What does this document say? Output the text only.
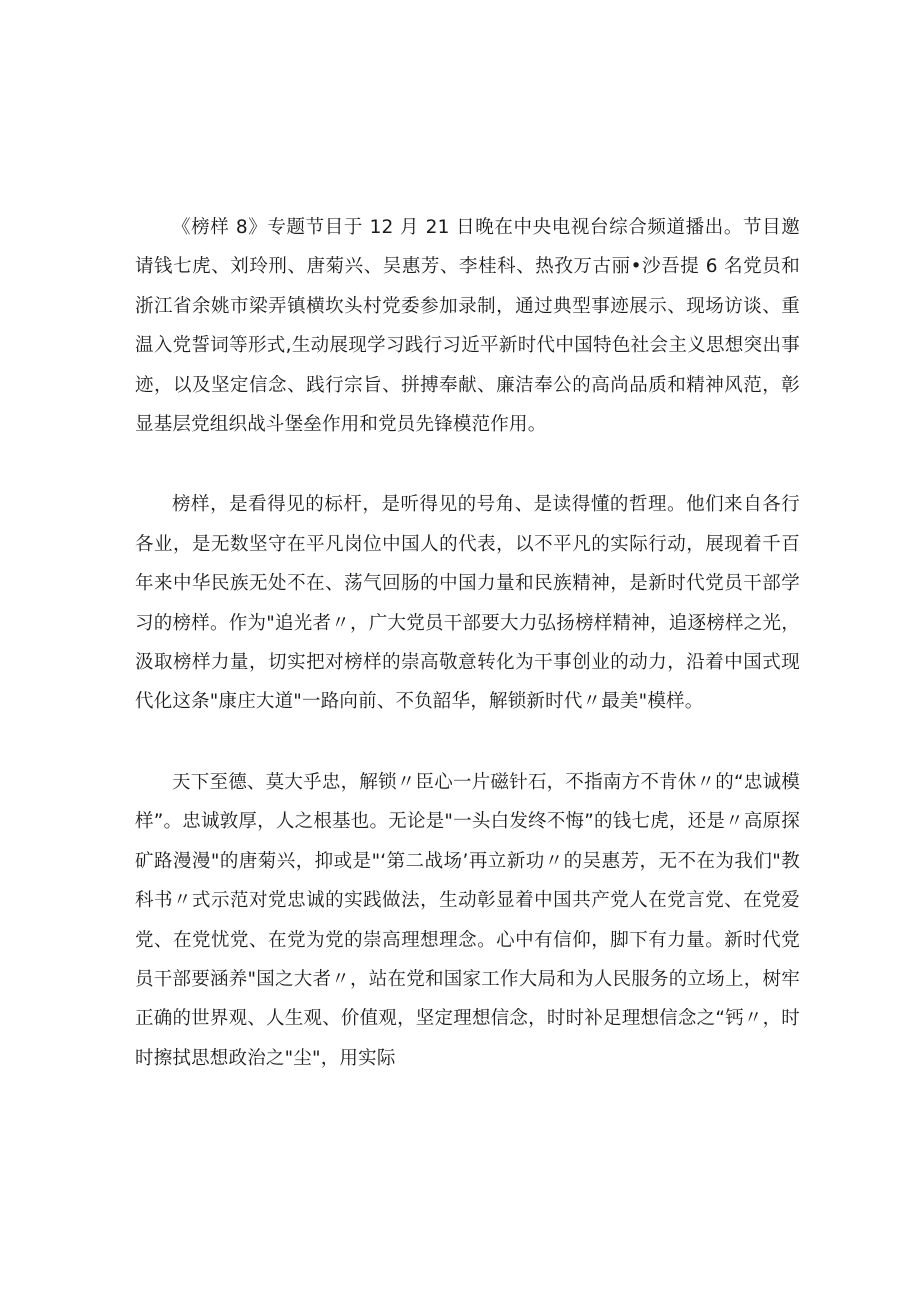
《榜样 8》专题节目于 12 月 21 日晚在中央电视台综合频道播出。节目邀请钱七虎、刘玲刑、唐菊兴、吴惠芳、李桂科、热孜万古丽•沙吾提 6 名党员和浙江省余姚市梁弄镇横坎头村党委参加录制，通过典型事迹展示、现场访谈、重温入党誓词等形式,生动展现学习践行习近平新时代中国特色社会主义思想突出事迹，以及坚定信念、践行宗旨、拼搏奉献、廉洁奉公的高尚品质和精神风范，彰显基层党组织战斗堡垒作用和党员先锋模范作用。

榜样，是看得见的标杆，是听得见的号角、是读得懂的哲理。他们来自各行各业，是无数坚守在平凡岗位中国人的代表，以不平凡的实际行动，展现着千百年来中华民族无处不在、荡气回肠的中国力量和民族精神，是新时代党员干部学习的榜样。作为"追光者〃，广大党员干部要大力弘扬榜样精神，追逐榜样之光，汲取榜样力量，切实把对榜样的崇高敬意转化为干事创业的动力，沿着中国式现代化这条"康庄大道"一路向前、不负韶华，解锁新时代〃最美"模样。

天下至德、莫大乎忠，解锁〃臣心一片磁针石，不指南方不肯休〃的“忠诚模样”。忠诚敦厚，人之根基也。无论是"一头白发终不悔”的钱七虎，还是〃高原探矿路漫漫"的唐菊兴，抑或是"‘第二战场’再立新功〃的吴惠芳，无不在为我们"教科书〃式示范对党忠诚的实践做法，生动彰显着中国共产党人在党言党、在党爱党、在党忧党、在党为党的崇高理想理念。心中有信仰，脚下有力量。新时代党员干部要涵养"国之大者〃，站在党和国家工作大局和为人民服务的立场上，树牢正确的世界观、人生观、价值观，坚定理想信念，时时补足理想信念之“钙〃，时时擦拭思想政治之"尘"，用实际
